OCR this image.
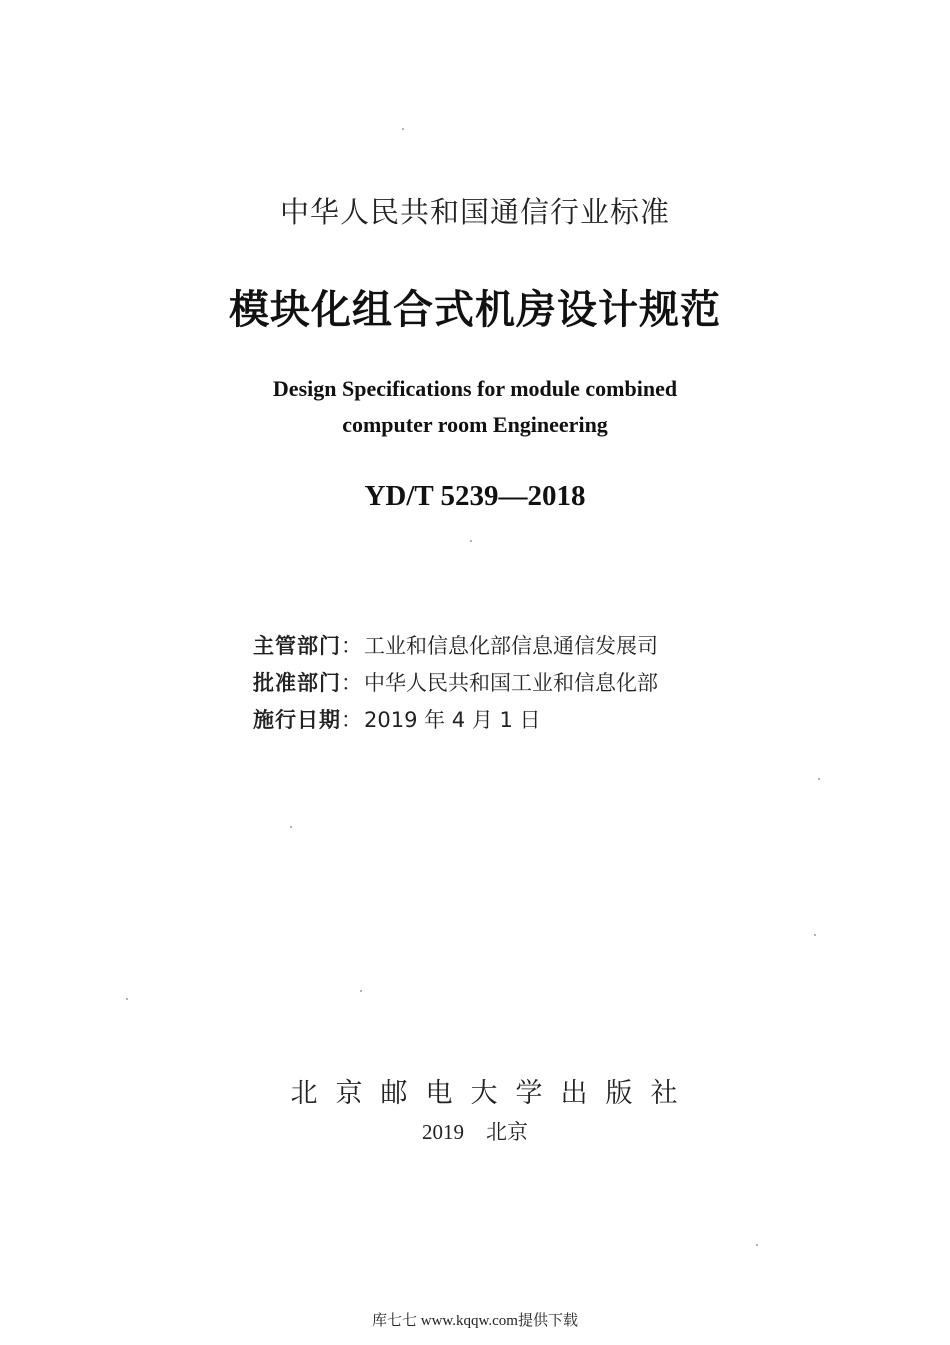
中华人民共和国通信行业标准
模块化组合式机房设计规范
Design Specifications for module combined
computer room Engineering
YD/T 5239—2018
主管部门：工业和信息化部信息通信发展司
批准部门：中华人民共和国工业和信息化部
施行日期：2019 年 4 月 1 日
北京邮电大学出版社
2019 北京
库七七 www.kqqw.com提供下载
